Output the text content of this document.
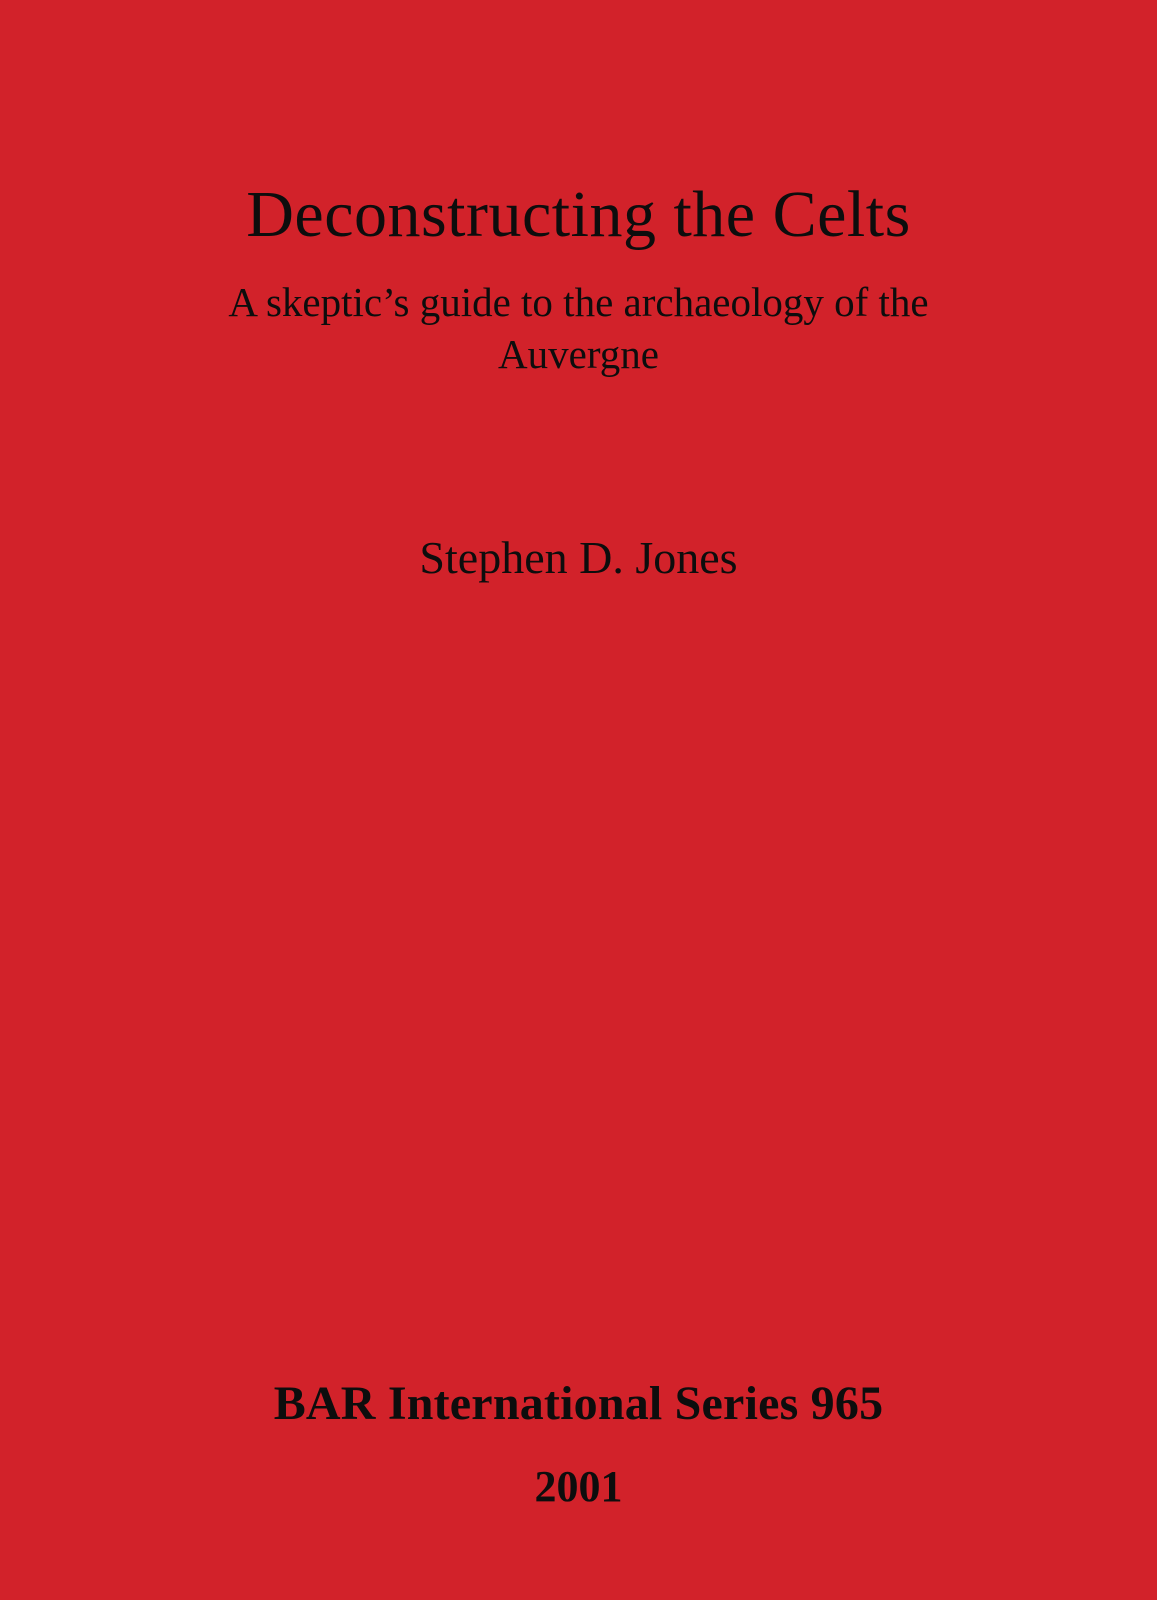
Deconstructing the Celts

A skeptic’s guide to the archaeology of the Auvergne

Stephen D. Jones

BAR International Series 965

2001
